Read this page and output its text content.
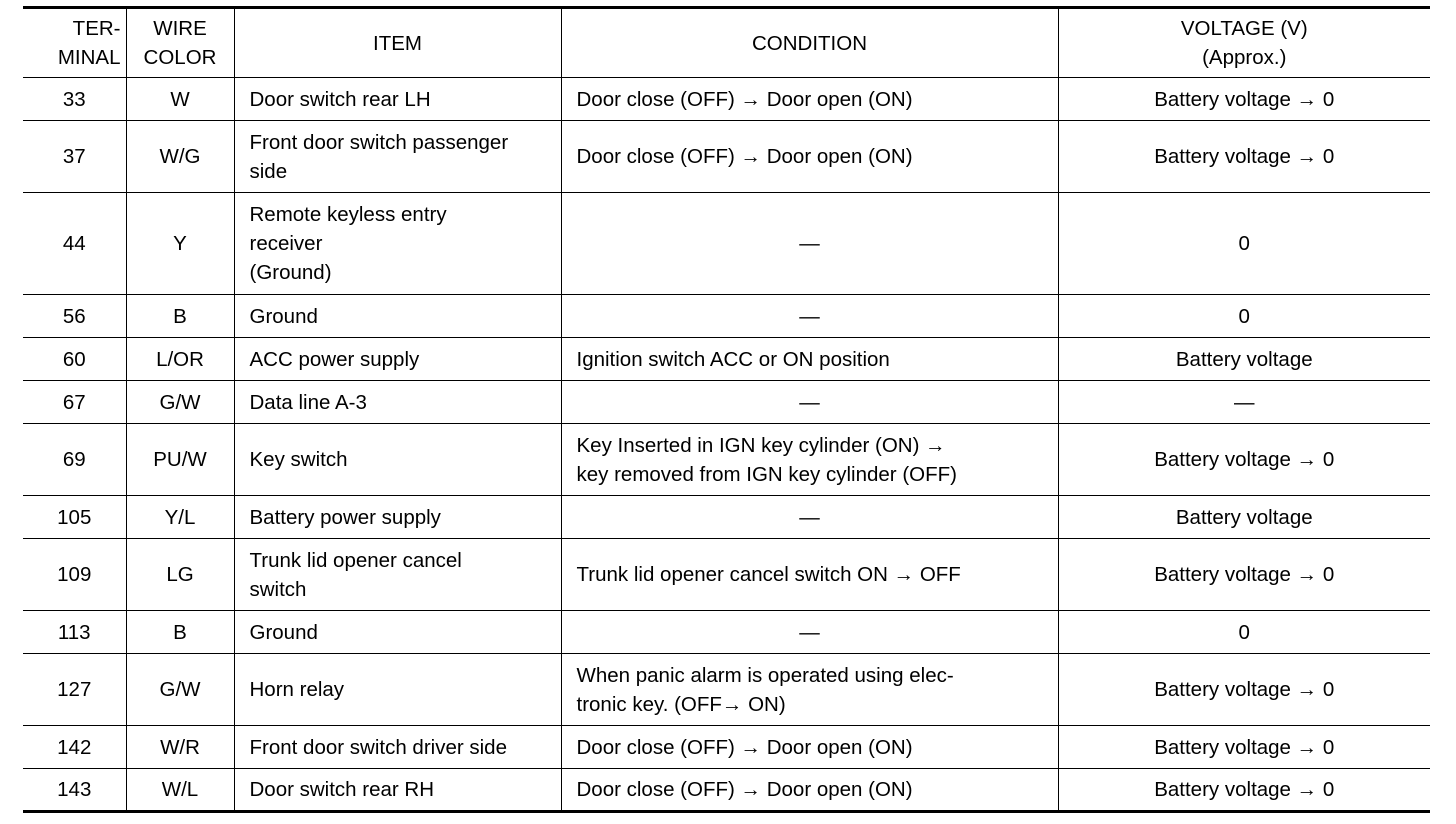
TER-
MINAL	WIRE
COLOR	ITEM	CONDITION	VOLTAGE (V)
(Approx.)
33	W	Door switch rear LH	Door close (OFF) → Door open (ON)	Battery voltage → 0
37	W/G	Front door switch passenger
side	Door close (OFF) → Door open (ON)	Battery voltage → 0
44	Y	Remote keyless entry
receiver
(Ground)	—	0
56	B	Ground	—	0
60	L/OR	ACC power supply	Ignition switch ACC or ON position	Battery voltage
67	G/W	Data line A-3	—	—
69	PU/W	Key switch	Key Inserted in IGN key cylinder (ON) →
key removed from IGN key cylinder (OFF)	Battery voltage → 0
105	Y/L	Battery power supply	—	Battery voltage
109	LG	Trunk lid opener cancel
switch	Trunk lid opener cancel switch ON → OFF	Battery voltage → 0
113	B	Ground	—	0
127	G/W	Horn relay	When panic alarm is operated using elec-
tronic key. (OFF→ ON)	Battery voltage → 0
142	W/R	Front door switch driver side	Door close (OFF) → Door open (ON)	Battery voltage → 0
143	W/L	Door switch rear RH	Door close (OFF) → Door open (ON)	Battery voltage → 0
